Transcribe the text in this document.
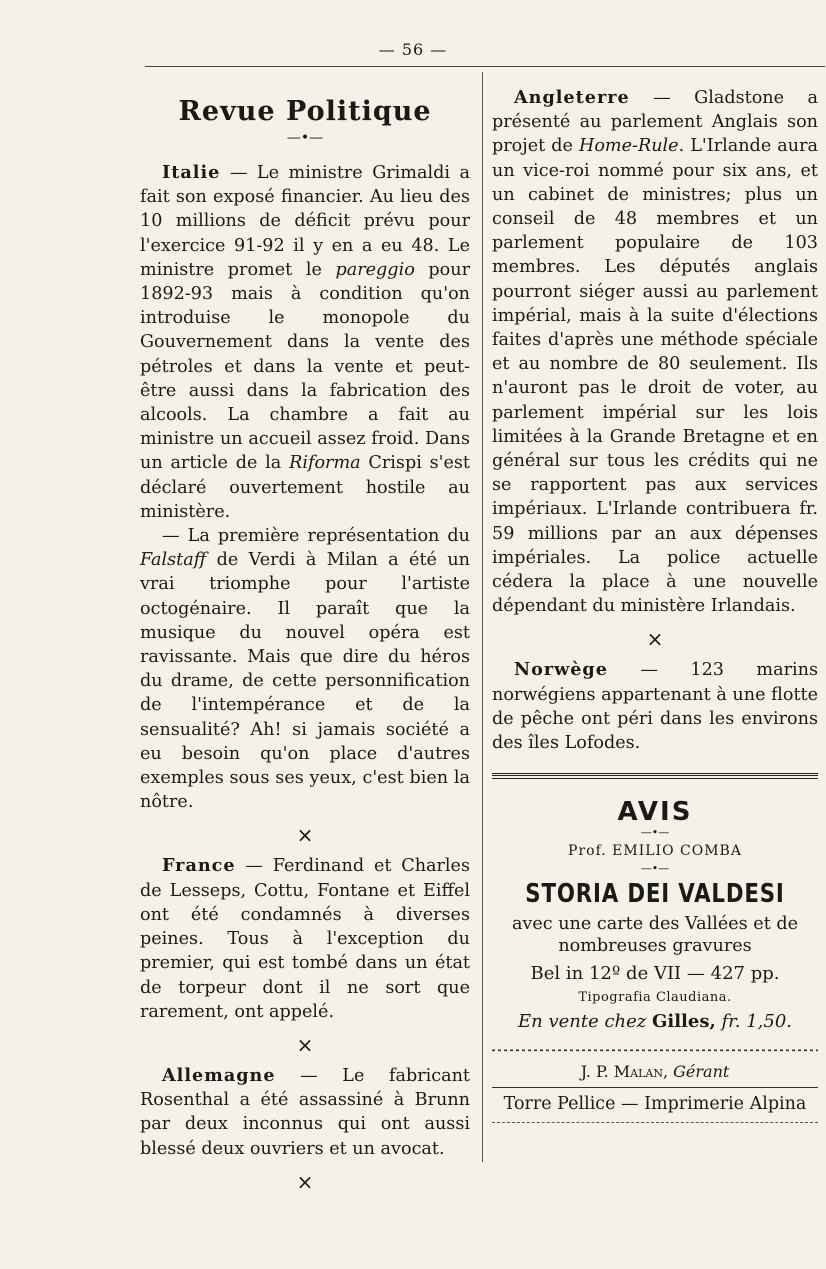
— 56 —
Revue Politique
—•—

Italie — Le ministre Grimaldi a fait son exposé financier. Au lieu des 10 millions de déficit prévu pour l'exercice 91-92 il y en a eu 48. Le ministre promet le pareggio pour 1892-93 mais à condition qu'on introduise le monopole du Gouvernement dans la vente des pétroles et dans la vente et peut-être aussi dans la fabrication des alcools. La chambre a fait au ministre un accueil assez froid. Dans un article de la Riforma Crispi s'est déclaré ouvertement hostile au ministère.

— La première représentation du Falstaff de Verdi à Milan a été un vrai triomphe pour l'artiste octogénaire. Il paraît que la musique du nouvel opéra est ravissante. Mais que dire du héros du drame, de cette personnification de l'intempérance et de la sensualité? Ah! si jamais société a eu besoin qu'on place d'autres exemples sous ses yeux, c'est bien la nôtre.

×

France — Ferdinand et Charles de Lesseps, Cottu, Fontane et Eiffel ont été condamnés à diverses peines. Tous à l'exception du premier, qui est tombé dans un état de torpeur dont il ne sort que rarement, ont appelé.

×

Allemagne — Le fabricant Rosenthal a été assassiné à Brunn par deux inconnus qui ont aussi blessé deux ouvriers et un avocat.

×

Angleterre — Gladstone a présenté au parlement Anglais son projet de Home-Rule. L'Irlande aura un vice-roi nommé pour six ans, et un cabinet de ministres; plus un conseil de 48 membres et un parlement populaire de 103 membres. Les députés anglais pourront siéger aussi au parlement impérial, mais à la suite d'élections faites d'après une méthode spéciale et au nombre de 80 seulement. Ils n'auront pas le droit de voter, au parlement impérial sur les lois limitées à la Grande Bretagne et en général sur tous les crédits qui ne se rapportent pas aux services impériaux. L'Irlande contribuera fr. 59 millions par an aux dépenses impériales. La police actuelle cédera la place à une nouvelle dépendant du ministère Irlandais.

×

Norwège — 123 marins norwégiens appartenant à une flotte de pêche ont péri dans les environs des îles Lofodes.

AVIS
—•—
Prof. EMILIO COMBA
—•—
STORIA DEI VALDESI
avec une carte des Vallées et de nombreuses gravures
Bel in 12º de VII — 427 pp.
Tipografia Claudiana.
En vente chez Gilles, fr. 1,50.
J. P. Malan, Gérant
Torre Pellice — Imprimerie Alpina
